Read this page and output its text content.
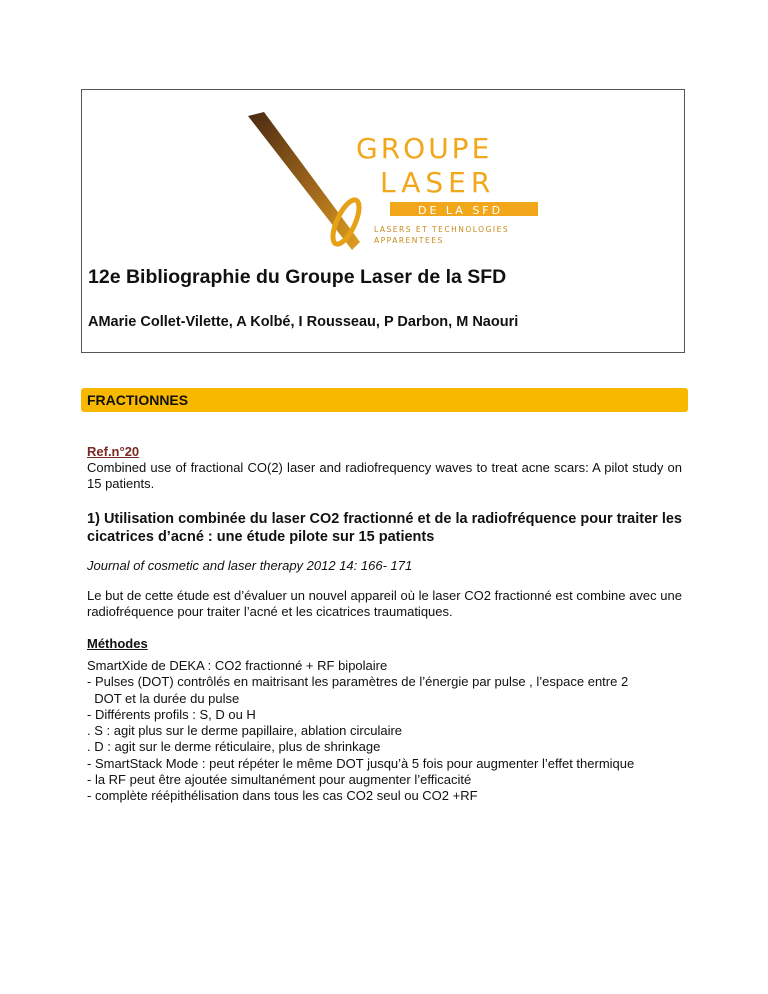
GROUPE
LASER
DE LA SFD
LASERS ET TECHNOLOGIES
APPARENTEES
12e Bibliographie du Groupe Laser de la SFD

AMarie Collet-Vilette, A Kolbé, I Rousseau, P Darbon, M Naouri

FRACTIONNES

Ref.n°20

Combined use of fractional CO(2) laser and radiofrequency waves to treat acne scars: A pilot study on 15 patients.

1) Utilisation combinée du laser CO2 fractionné et de la radiofréquence pour traiter les cicatrices d’acné : une étude pilote sur 15 patients

Journal of cosmetic and laser therapy 2012 14: 166- 171

Le but de cette étude est d’évaluer un nouvel appareil où le laser CO2 fractionné est combine avec une radiofréquence pour traiter l’acné et les cicatrices traumatiques.

Méthodes

SmartXide de DEKA : CO2 fractionné + RF bipolaire
- Pulses (DOT) contrôlés en maitrisant les paramètres de l’énergie par pulse , l’espace entre 2
DOT et la durée du pulse
- Différents profils : S, D ou H
. S : agit plus sur le derme papillaire, ablation circulaire
. D : agit sur le derme réticulaire, plus de shrinkage
- SmartStack Mode : peut répéter le même DOT jusqu’à 5 fois pour augmenter l’effet thermique
- la RF peut être ajoutée simultanément pour augmenter l’efficacité
- complète réépithélisation dans tous les cas CO2 seul ou CO2 +RF
